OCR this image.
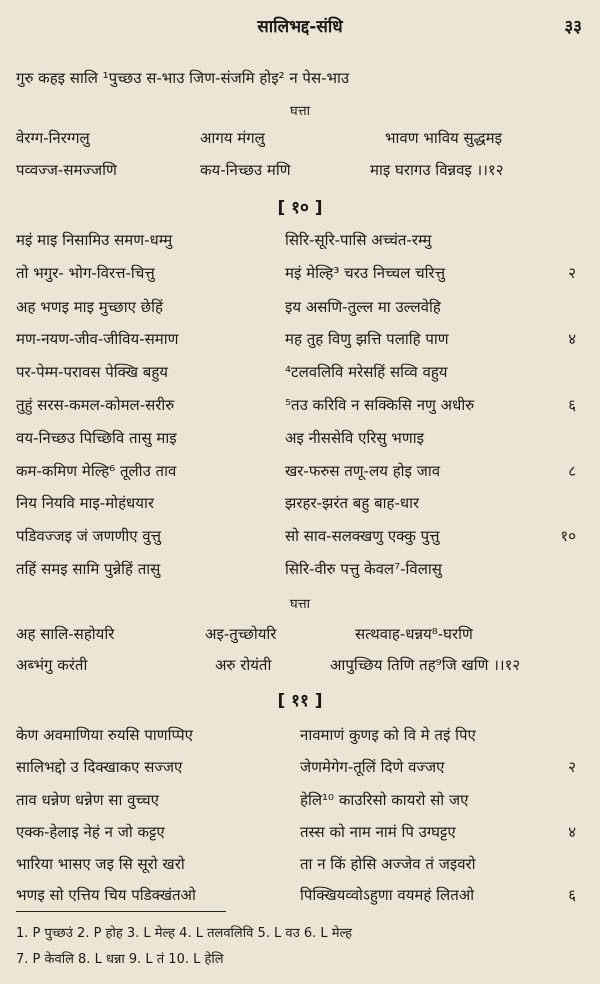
सालिभद्द-संधि	३३
गुरु कहइ सालि ¹पुच्छउ स-भाउ जिण-संजमि होइ² न पेस-भाउ
घत्ता
वेरग्ग-निरग्गलु	आगय मंगलु	भावण भाविय सुद्धमइ
पव्वज्ज-समज्जणि	कय-निच्छउ मणि	माइ घरागउ विन्नवइ ।।१२
[ १० ]
मइं माइ निसामिउ समण-धम्मु	सिरि-सूरि-पासि अच्चंत-रम्मु
तो भगुर- भोग-विरत्त-चित्तु	मइं मेल्हि³ चरउ निच्चल चरित्तु	२
अह भणइ माइ मुच्छाए छेहिं	इय असणि-तुल्ल मा उल्लवेहि
मण-नयण-जीव-जीविय-समाण	मह तुह विणु झत्ति पलाहि पाण	४
पर-पेम्म-परावस पेक्खि बहुय	⁴टलवलिवि मरेसहिं सव्वि वहुय
तुहुं सरस-कमल-कोमल-सरीरु	⁵तउ करिवि न सक्किसि नणु अधीरु	६
वय-निच्छउ पिच्छिवि तासु माइ	अइ नीससेवि एरिसु भणाइ
कम-कमिण मेल्हि⁶ तूलीउ ताव	खर-फरुस तणू-लय होइ जाव	८
निय नियवि माइ-मोहंधयार	झरहर-झरंत बहु बाह-धार
पडिवज्जइ जं जणणीए वुत्तु	सो साव-सलक्खणु एक्कु पुत्तु	१०
तहिं समइ सामि पुन्नेहिं तासु	सिरि-वीरु पत्तु केवल⁷-विलासु
घत्ता
अह सालि-सहोयरि	अइ-तुच्छोयरि	सत्थवाह-धन्नय⁸-घरणि
अब्भंगु करंती	अरु रोयंती	आपुच्छिय तिणि तह⁹जि खणि ।।१२
[ ११ ]
केण अवमाणिया रुयसि पाणप्पिए	नावमाणं कुणइ को वि मे तइं पिए
सालिभद्दो उ दिक्खाकए सज्जए	जेणमेगेग-तूलिं दिणे वज्जए	२
ताव धन्नेण धन्नेण सा वुच्चए	हेलि¹⁰ काउरिसो कायरो सो जए
एक्क-हेलाइ नेहं न जो कट्टए	तस्स को नाम नामं पि उग्घट्टए	४
भारिया भासए जइ सि सूरो खरो	ता न किं होसि अज्जेव तं जइवरो
भणइ सो एत्तिय चिय पडिक्खंतओ	पिक्खियव्वोऽहुणा वयमहं लितओ	६
1. P पुच्छउं 2. P होह 3. L मेल्ह 4. L तलवलिवि 5. L वउ 6. L मेल्ह
7. P केवलि 8. L धन्ना 9. L तं 10. L हेलि
